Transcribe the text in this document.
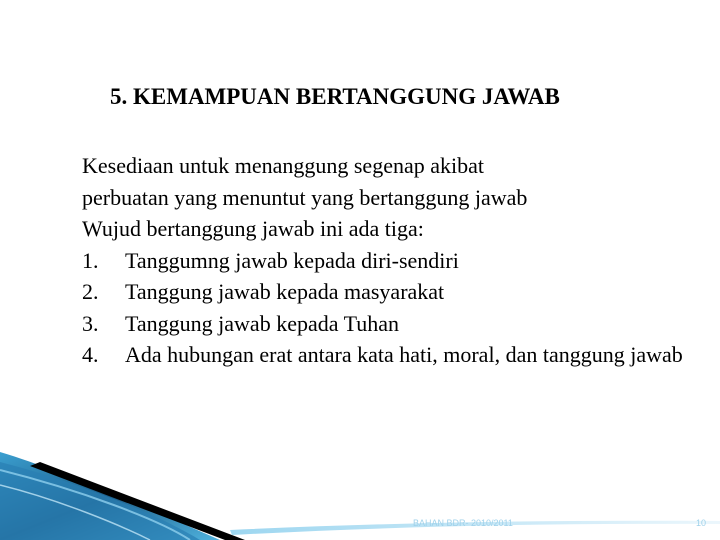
5. KEMAMPUAN BERTANGGUNG JAWAB
Kesediaan untuk menanggung segenap akibat
perbuatan yang menuntut yang bertanggung jawab
Wujud bertanggung jawab ini ada tiga:
1.	Tanggumng jawab kepada diri-sendiri
2.	Tanggung jawab kepada masyarakat
3.	Tanggung jawab kepada Tuhan
4.	Ada hubungan erat antara kata hati, moral, dan tanggung jawab
BAHAN BDR- 2010/2011	10
